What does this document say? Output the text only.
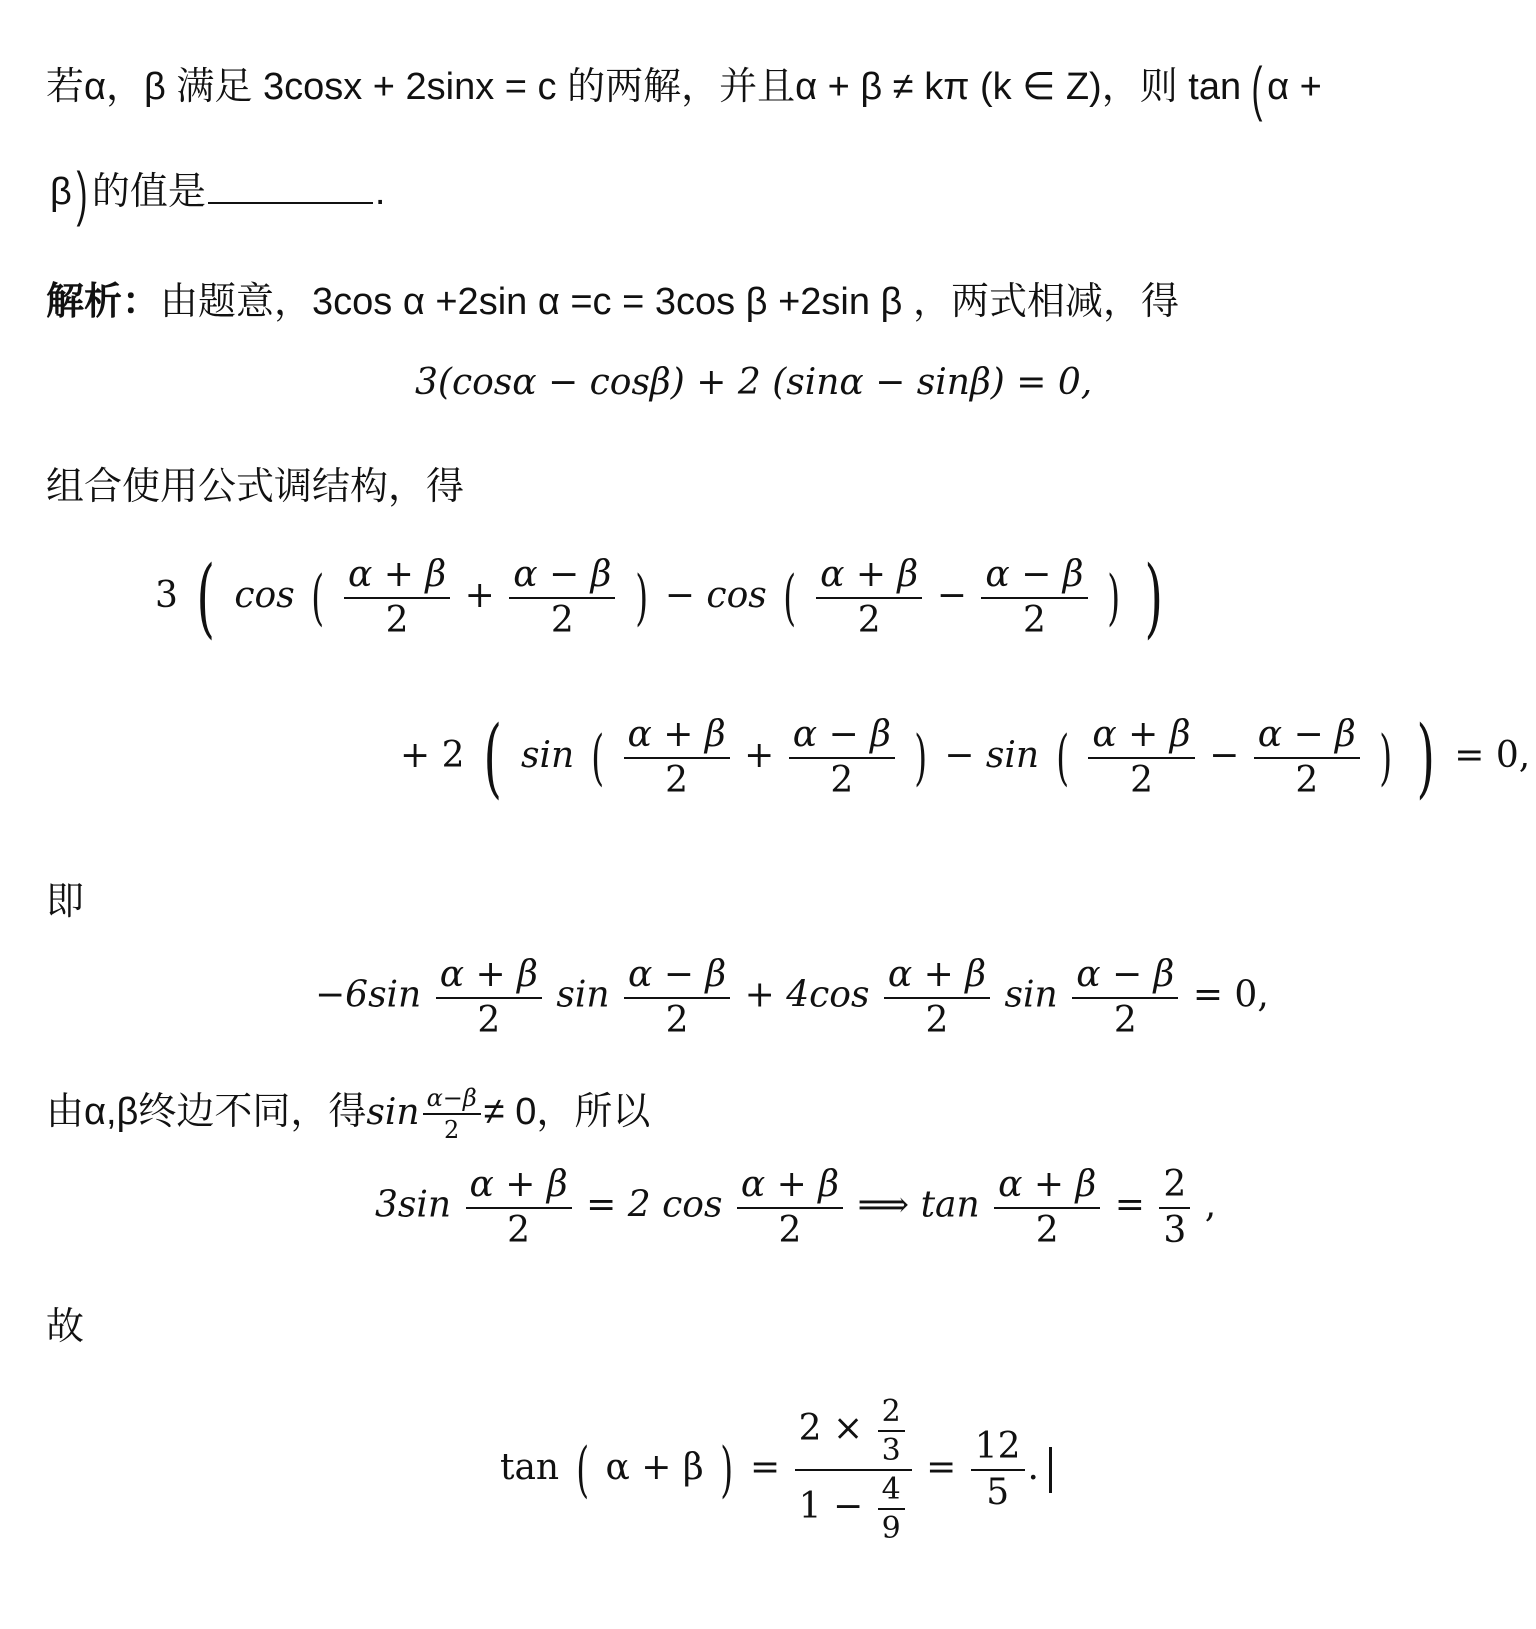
若α，β 满足 3cosx + 2sinx = c 的两解，并且α + β ≠ kπ (k ∈ Z)，则 tan ( α +
β) 的值是	.
解析：由题意，3cos α +2sin α =c = 3cos β +2sin β ，两式相减，得
3(cosα − cosβ) + 2 (sinα − sinβ) = 0,
组合使用公式调结构，得
3 ( cos ( $\frac{\alpha + \beta}{2} + \frac{\alpha - \beta}{2}$ ) − cos ( $\frac{\alpha + \beta}{2} - \frac{\alpha - \beta}{2}$ ) )
+ 2 ( sin ( $\frac{\alpha + \beta}{2} + \frac{\alpha - \beta}{2}$ ) − sin ( $\frac{\alpha + \beta}{2} - \frac{\alpha - \beta}{2}$ ) ) = 0,
即
$-6\sin \frac{\alpha + \beta}{2}$ $\sin \frac{\alpha - \beta}{2} + 4\cos \frac{\alpha + \beta}{2}$ $\sin \frac{\alpha - \beta}{2} = 0$,
由α,β终边不同，得$\sin \frac{\alpha-\beta}{2} \ne 0$，所以
$3\sin \frac{\alpha + \beta}{2} = 2$ $\cos \frac{\alpha + \beta}{2}$ ⟹ $\tan \frac{\alpha + \beta}{2} = \frac{2}{3}$ ,
故
tan ( α + β ) = $\frac{2 \times \frac{2}{3}}{1 - \frac{4}{9}} = \frac{12}{5}$ .
